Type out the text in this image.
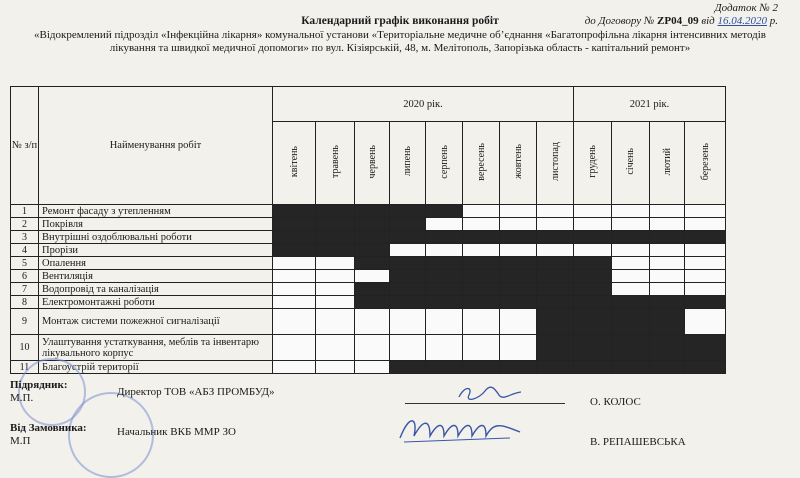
Додаток № 2
до Договору № ZP04_09 від 16.04.2020 р.
Календарний графік виконання робіт
«Відокремлений підрозділ «Інфекційна лікарня» комунальної установи «Територіальне медичне об’єднання «Багатопрофільна лікарня інтенсивних методів лікування та швидкої медичної допомоги» по вул. Кізіярській, 48, м. Мелітополь, Запорізька область - капітальний ремонт»
№ з/п	Найменування робіт	2020 рік.								2021 рік.			
		квітень	травень	червень	липень	серпень	вересень	жовтень	листопад	грудень	січень	лютий	березень
1	Ремонт фасаду з утепленням												
2	Покрівля												
3	Внутрішні оздоблювальні роботи												
4	Прорізи												
5	Опалення												
6	Вентиляція												
7	Водопровід та каналізація												
8	Електромонтажні роботи												
9	Монтаж системи пожежної сигналізації												
10	Улаштування устаткування, меблів та інвентарю лікувального корпус												
11	Благоустрій території												
Підрядник:
М.П.	Директор ТОВ «АБЗ ПРОМБУД»
О. КОЛОС
Від Замовника:
М.П
Начальник ВКБ ММР ЗО
В. РЕПАШЕВСЬКА
